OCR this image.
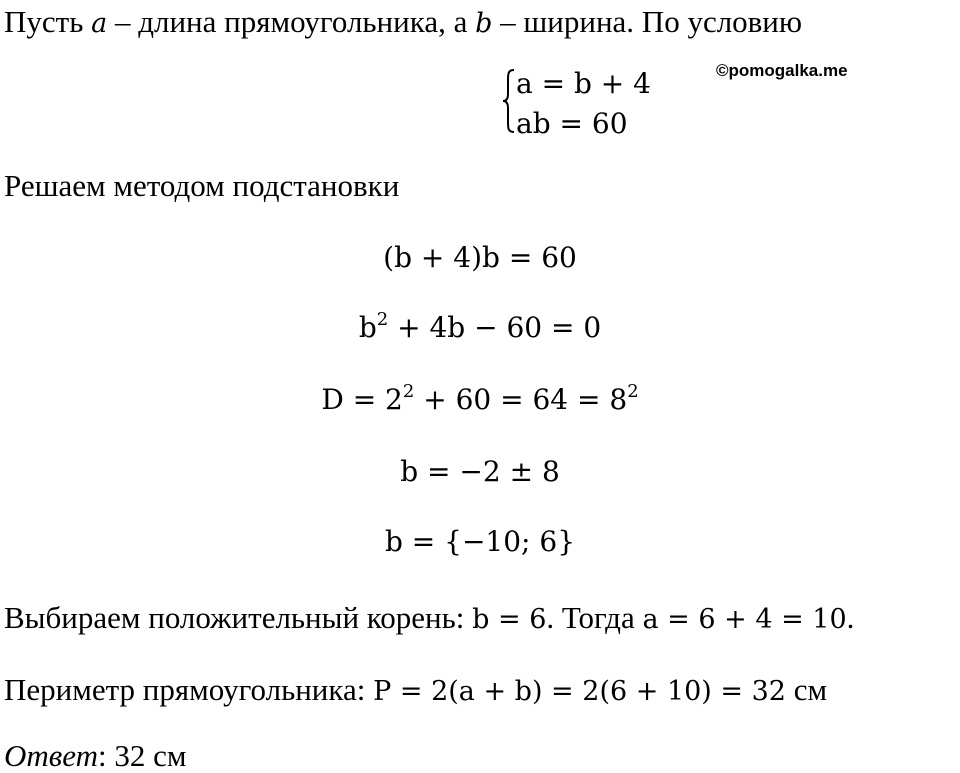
Пусть a – длина прямоугольника, а b – ширина. По условию
©pomogalka.me
a = b + 4
ab = 60
Решаем методом подстановки
(b + 4)b = 60
$b^2 + 4b - 60 = 0$
$D = 2^2 + 60 = 64 = 8^2$
b = −2 ± 8
b = {−10; 6}
Выбираем положительный корень: b = 6. Тогда a = 6 + 4 = 10.
Периметр прямоугольника: P = 2(a + b) = 2(6 + 10) = 32 см
Ответ: 32 см
